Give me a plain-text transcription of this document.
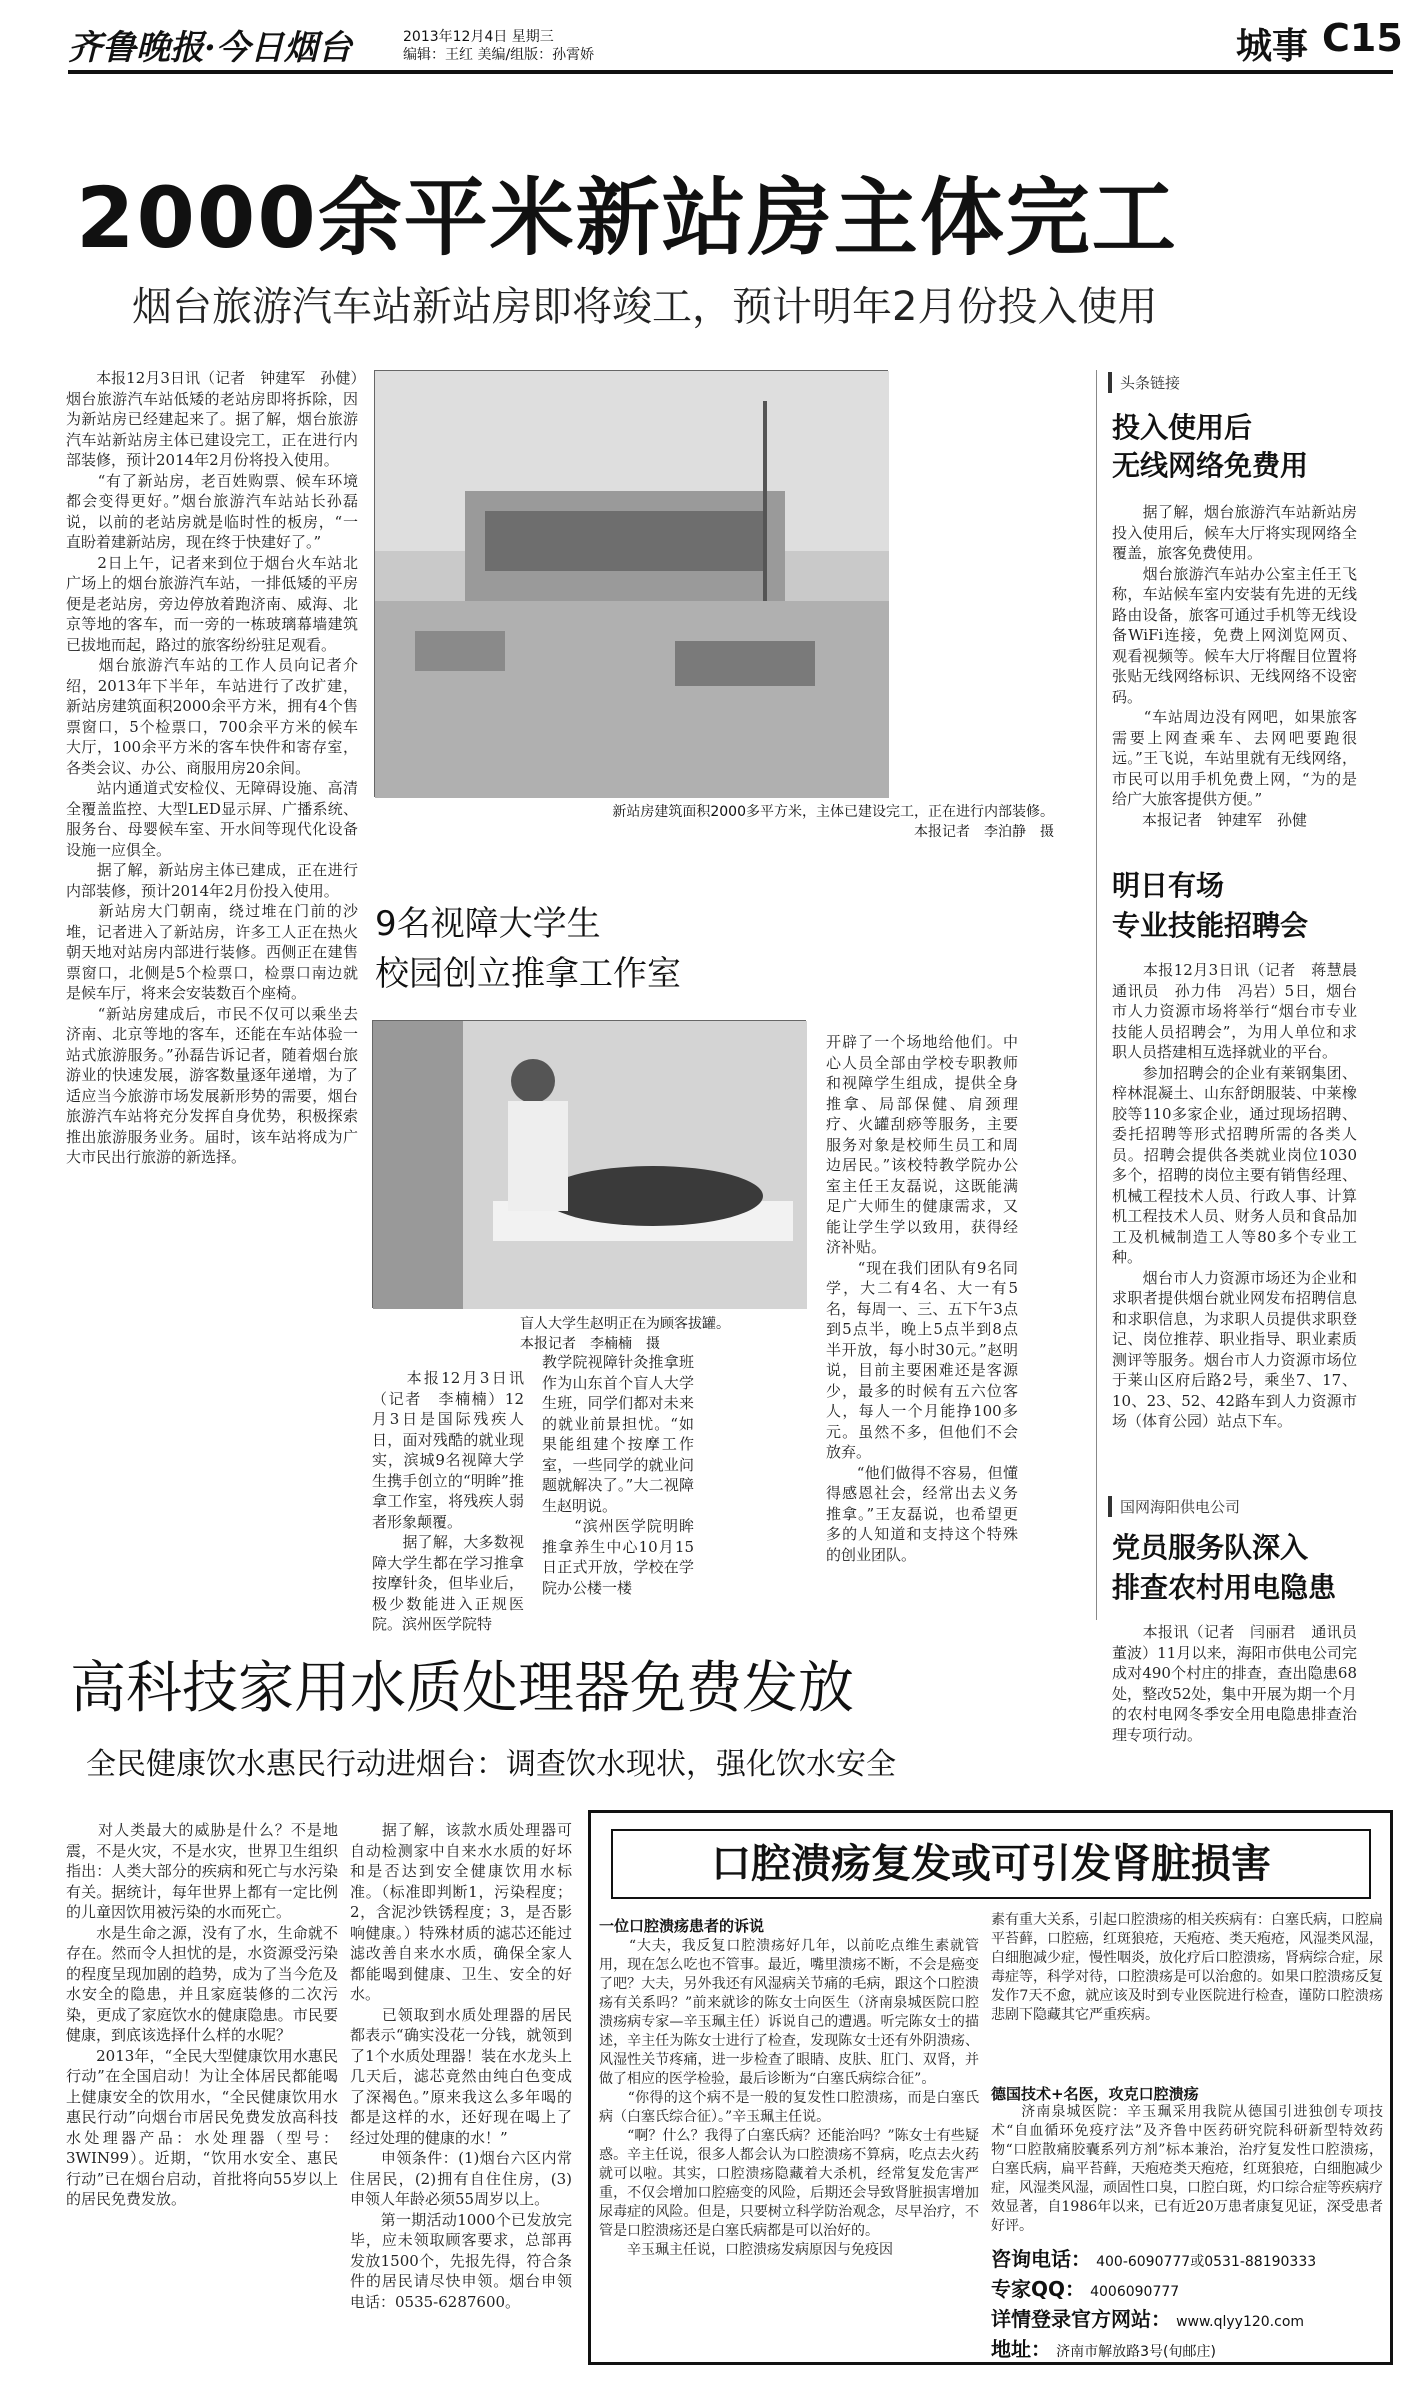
齐鲁晚报·今日烟台	2013年12月4日 星期三
编辑：王红 美编/组版：孙霄娇	城事 C15
2000余平米新站房主体完工
烟台旅游汽车站新站房即将竣工，预计明年2月份投入使用
　　本报12月3日讯（记者　钟建军　孙健）烟台旅游汽车站低矮的老站房即将拆除，因为新站房已经建起来了。据了解，烟台旅游汽车站新站房主体已建设完工，正在进行内部装修，预计2014年2月份将投入使用。
　　“有了新站房，老百姓购票、候车环境都会变得更好。”烟台旅游汽车站站长孙磊说，以前的老站房就是临时性的板房，“一直盼着建新站房，现在终于快建好了。”
　　2日上午，记者来到位于烟台火车站北广场上的烟台旅游汽车站，一排低矮的平房便是老站房，旁边停放着跑济南、威海、北京等地的客车，而一旁的一栋玻璃幕墙建筑已拔地而起，路过的旅客纷纷驻足观看。
　　烟台旅游汽车站的工作人员向记者介绍，2013年下半年，车站进行了改扩建，新站房建筑面积2000余平方米，拥有4个售票窗口，5个检票口，700余平方米的候车大厅，100余平方米的客车快件和寄存室，各类会议、办公、商服用房20余间。
　　站内通道式安检仪、无障碍设施、高清全覆盖监控、大型LED显示屏、广播系统、服务台、母婴候车室、开水间等现代化设备设施一应俱全。
　　据了解，新站房主体已建成，正在进行内部装修，预计2014年2月份投入使用。
　　新站房大门朝南，绕过堆在门前的沙堆，记者进入了新站房，许多工人正在热火朝天地对站房内部进行装修。西侧正在建售票窗口，北侧是5个检票口，检票口南边就是候车厅，将来会安装数百个座椅。
　　“新站房建成后，市民不仅可以乘坐去济南、北京等地的客车，还能在车站体验一站式旅游服务。”孙磊告诉记者，随着烟台旅游业的快速发展，游客数量逐年递增，为了适应当今旅游市场发展新形势的需要，烟台旅游汽车站将充分发挥自身优势，积极探索推出旅游服务业务。届时，该车站将成为广大市民出行旅游的新选择。
新站房建筑面积2000多平方米，主体已建设完工，正在进行内部装修。
本报记者　李泊静　摄
9名视障大学生
校园创立推拿工作室
盲人大学生赵明正在为顾客拔罐。
本报记者　李楠楠　摄
　　本报12月3日讯（记者　李楠楠）12月3日是国际残疾人日，面对残酷的就业现实，滨城9名视障大学生携手创立的“明眸”推拿工作室，将残疾人弱者形象颠覆。
　　据了解，大多数视障大学生都在学习推拿按摩针灸，但毕业后，极少数能进入正规医院。滨州医学院特
教学院视障针灸推拿班作为山东首个盲人大学生班，同学们都对未来的就业前景担忧。“如果能组建个按摩工作室，一些同学的就业问题就解决了。”大二视障生赵明说。
　　“滨州医学院明眸推拿养生中心10月15日正式开放，学校在学院办公楼一楼
开辟了一个场地给他们。中心人员全部由学校专职教师和视障学生组成，提供全身推拿、局部保健、肩颈理疗、火罐刮痧等服务，主要服务对象是校师生员工和周边居民。”该校特教学院办公室主任王友磊说，这既能满足广大师生的健康需求，又能让学生学以致用，获得经济补贴。
　　“现在我们团队有9名同学，大二有4名、大一有5名，每周一、三、五下午3点到5点半，晚上5点半到8点半开放，每小时30元。”赵明说，目前主要困难还是客源少，最多的时候有五六位客人，每人一个月能挣100多元。虽然不多，但他们不会放弃。
　　“他们做得不容易，但懂得感恩社会，经常出去义务推拿。”王友磊说，也希望更多的人知道和支持这个特殊的创业团队。
头条链接
投入使用后
无线网络免费用
　　据了解，烟台旅游汽车站新站房投入使用后，候车大厅将实现网络全覆盖，旅客免费使用。
　　烟台旅游汽车站办公室主任王飞称，车站候车室内安装有先进的无线路由设备，旅客可通过手机等无线设备WiFi连接，免费上网浏览网页、观看视频等。候车大厅将醒目位置将张贴无线网络标识、无线网络不设密码。
　　“车站周边没有网吧，如果旅客需要上网查乘车、去网吧要跑很远。”王飞说，车站里就有无线网络，市民可以用手机免费上网，“为的是给广大旅客提供方便。”
　　本报记者　钟建军　孙健
明日有场
专业技能招聘会
　　本报12月3日讯（记者　蒋慧晨　通讯员　孙力伟　冯岩）5日，烟台市人力资源市场将举行“烟台市专业技能人员招聘会”，为用人单位和求职人员搭建相互选择就业的平台。
　　参加招聘会的企业有莱钢集团、梓林混凝土、山东舒朗服装、中莱橡胶等110多家企业，通过现场招聘、委托招聘等形式招聘所需的各类人员。招聘会提供各类就业岗位1030多个，招聘的岗位主要有销售经理、机械工程技术人员、行政人事、计算机工程技术人员、财务人员和食品加工及机械制造工人等80多个专业工种。
　　烟台市人力资源市场还为企业和求职者提供烟台就业网发布招聘信息和求职信息，为求职人员提供求职登记、岗位推荐、职业指导、职业素质测评等服务。烟台市人力资源市场位于莱山区府后路2号，乘坐7、17、10、23、52、42路车到人力资源市场（体育公园）站点下车。
国网海阳供电公司
党员服务队深入
排查农村用电隐患
　　本报讯（记者　闫丽君　通讯员　董波）11月以来，海阳市供电公司完成对490个村庄的排查，查出隐患68处，整改52处，集中开展为期一个月的农村电网冬季安全用电隐患排查治理专项行动。
高科技家用水质处理器免费发放
全民健康饮水惠民行动进烟台：调查饮水现状，强化饮水安全
　　对人类最大的威胁是什么？不是地震，不是火灾，不是水灾，世界卫生组织指出：人类大部分的疾病和死亡与水污染有关。据统计，每年世界上都有一定比例的儿童因饮用被污染的水而死亡。
　　水是生命之源，没有了水，生命就不存在。然而令人担忧的是，水资源受污染的程度呈现加剧的趋势，成为了当今危及水安全的隐患，并且家庭装修的二次污染，更成了家庭饮水的健康隐患。市民要健康，到底该选择什么样的水呢？
　　2013年，“全民大型健康饮用水惠民行动”在全国启动！为让全体居民都能喝上健康安全的饮用水，“全民健康饮用水惠民行动”向烟台市居民免费发放高科技水处理器产品：水处理器（型号：3WIN99）。近期，“饮用水安全、惠民行动”已在烟台启动，首批将向55岁以上的居民免费发放。
　　据了解，该款水质处理器可自动检测家中自来水水质的好坏和是否达到安全健康饮用水标准。（标准即判断1，污染程度；2，含泥沙铁锈程度；3，是否影响健康。）特殊材质的滤芯还能过滤改善自来水水质，确保全家人都能喝到健康、卫生、安全的好水。
　　已领取到水质处理器的居民都表示“确实没花一分钱，就领到了1个水质处理器！装在水龙头上几天后，滤芯竟然由纯白色变成了深褐色。”原来我这么多年喝的都是这样的水，还好现在喝上了经过处理的健康的水！”
　　申领条件：(1)烟台六区内常住居民，(2)拥有自住住房，(3)申领人年龄必须55周岁以上。
　　第一期活动1000个已发放完毕，应未领取顾客要求，总部再发放1500个，先报先得，符合条件的居民请尽快申领。烟台申领电话：0535-6287600。
口腔溃疡复发或可引发肾脏损害
一位口腔溃疡患者的诉说
　　“大夫，我反复口腔溃疡好几年，以前吃点维生素就管用，现在怎么吃也不管事。最近，嘴里溃疡不断，不会是癌变了吧？大夫，另外我还有风湿病关节痛的毛病，跟这个口腔溃疡有关系吗？”前来就诊的陈女士向医生（济南泉城医院口腔溃疡病专家—辛玉珮主任）诉说自己的遭遇。听完陈女士的描述，辛主任为陈女士进行了检查，发现陈女士还有外阴溃疡、风湿性关节疼痛，进一步检查了眼睛、皮肤、肛门、双肾，并做了相应的医学检验，最后诊断为“白塞氏病综合征”。
　　“你得的这个病不是一般的复发性口腔溃疡，而是白塞氏病（白塞氏综合征）。”辛玉珮主任说。
　　“啊？什么？我得了白塞氏病？还能治吗？”陈女士有些疑惑。辛主任说，很多人都会认为口腔溃疡不算病，吃点去火药就可以啦。其实，口腔溃疡隐藏着大杀机，经常复发危害严重，不仅会增加口腔癌变的风险，后期还会导致肾脏损害增加尿毒症的风险。但是，只要树立科学防治观念，尽早治疗，不管是口腔溃疡还是白塞氏病都是可以治好的。
　　辛玉珮主任说，口腔溃疡发病原因与免疫因
素有重大关系，引起口腔溃疡的相关疾病有：白塞氏病，口腔扁平苔藓，口腔癌，红斑狼疮，天疱疮、类天疱疮，风湿类风湿，白细胞减少症，慢性咽炎，放化疗后口腔溃疡，肾病综合症，尿毒症等，科学对待，口腔溃疡是可以治愈的。如果口腔溃疡反复发作7天不愈，就应该及时到专业医院进行检查，谨防口腔溃疡悲剧下隐藏其它严重疾病。
德国技术+名医，攻克口腔溃疡
　　济南泉城医院：辛玉珮采用我院从德国引进独创专项技术“自血循环免疫疗法”及齐鲁中医药研究院科研新型特效药物“口腔散痛胶囊系列方剂”标本兼治，治疗复发性口腔溃疡，白塞氏病，扁平苔藓，天疱疮类天疱疮，红斑狼疮，白细胞减少症，风湿类风湿，顽固性口臭，口腔白斑，灼口综合症等疾病疗效显著，自1986年以来，已有近20万患者康复见证，深受患者好评。
咨询电话： 400-6090777或0531-88190333
专家QQ： 4006090777
详情登录官方网站： www.qlyy120.com
地址： 济南市解放路3号(旬邮庄)
